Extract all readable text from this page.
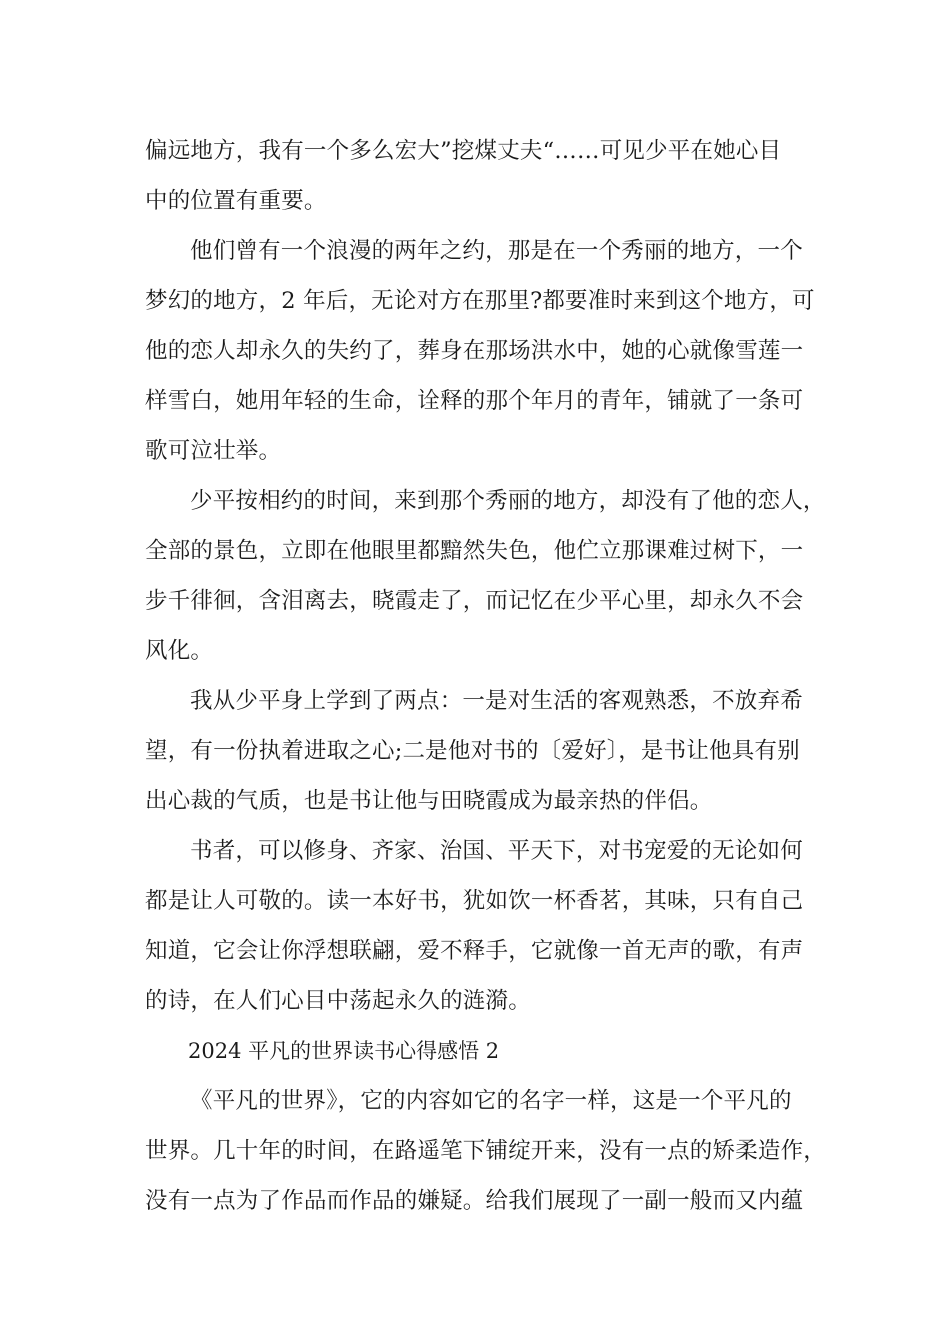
偏远地方，我有一个多么宏大”挖煤丈夫“……可见少平在她心目
中的位置有重要。
他们曾有一个浪漫的两年之约，那是在一个秀丽的地方，一个
梦幻的地方，2 年后，无论对方在那里?都要准时来到这个地方，可
他的恋人却永久的失约了，葬身在那场洪水中，她的心就像雪莲一
样雪白，她用年轻的生命，诠释的那个年月的青年，铺就了一条可
歌可泣壮举。
少平按相约的时间，来到那个秀丽的地方，却没有了他的恋人，
全部的景色，立即在他眼里都黯然失色，他伫立那课难过树下，一
步千徘徊，含泪离去，晓霞走了，而记忆在少平心里，却永久不会
风化。
我从少平身上学到了两点：一是对生活的客观熟悉，不放弃希
望，有一份执着进取之心;二是他对书的〔爱好〕，是书让他具有别
出心裁的气质，也是书让他与田晓霞成为最亲热的伴侣。
书者，可以修身、齐家、治国、平天下，对书宠爱的无论如何
都是让人可敬的。读一本好书，犹如饮一杯香茗，其味，只有自己
知道，它会让你浮想联翩，爱不释手，它就像一首无声的歌，有声
的诗，在人们心目中荡起永久的涟漪。
2024 平凡的世界读书心得感悟 2
《平凡的世界》，它的内容如它的名字一样，这是一个平凡的
世界。几十年的时间，在路遥笔下铺绽开来，没有一点的矫柔造作，
没有一点为了作品而作品的嫌疑。给我们展现了一副一般而又内蕴
